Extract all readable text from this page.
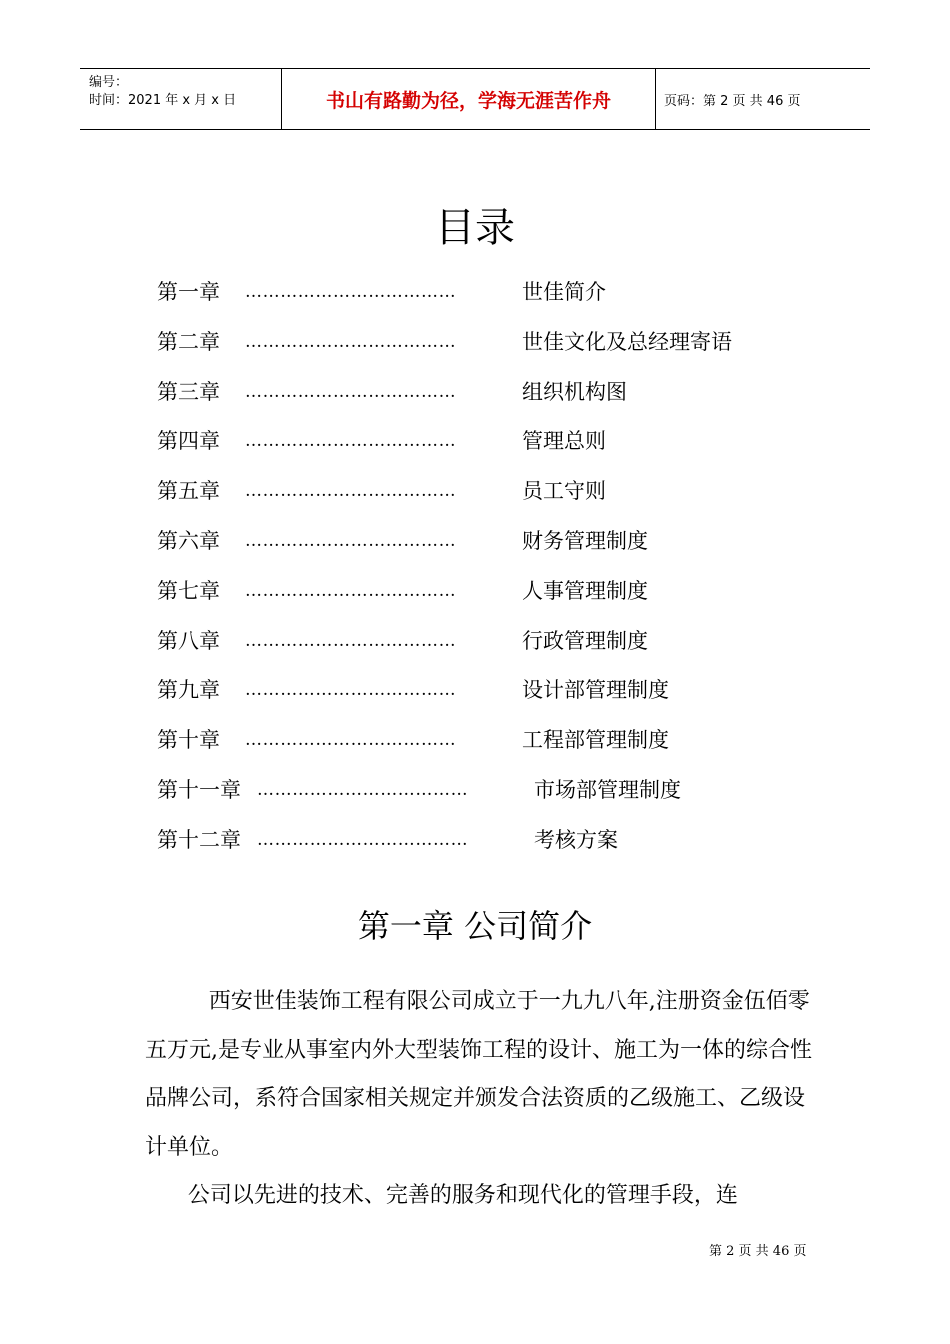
编号：
时间：2021 年 x 月 x 日	书山有路勤为径，学海无涯苦作舟	页码：第 2 页 共 46 页
目录
第一章 ………………………………	世佳简介
第二章 ………………………………	世佳文化及总经理寄语
第三章 ………………………………	组织机构图
第四章 ………………………………	管理总则
第五章 ………………………………	员工守则
第六章 ………………………………	财务管理制度
第七章 ………………………………	人事管理制度
第八章 ………………………………	行政管理制度
第九章 ………………………………	设计部管理制度
第十章 ………………………………	工程部管理制度
第十一章 ………………………………	市场部管理制度
第十二章 ………………………………	考核方案
第一章 公司简介

西安世佳装饰工程有限公司成立于一九九八年,注册资金伍佰零五万元,是专业从事室内外大型装饰工程的设计、施工为一体的综合性品牌公司，系符合国家相关规定并颁发合法资质的乙级施工、乙级设计单位。

公司以先进的技术、完善的服务和现代化的管理手段，连

第 2 页 共 46 页
